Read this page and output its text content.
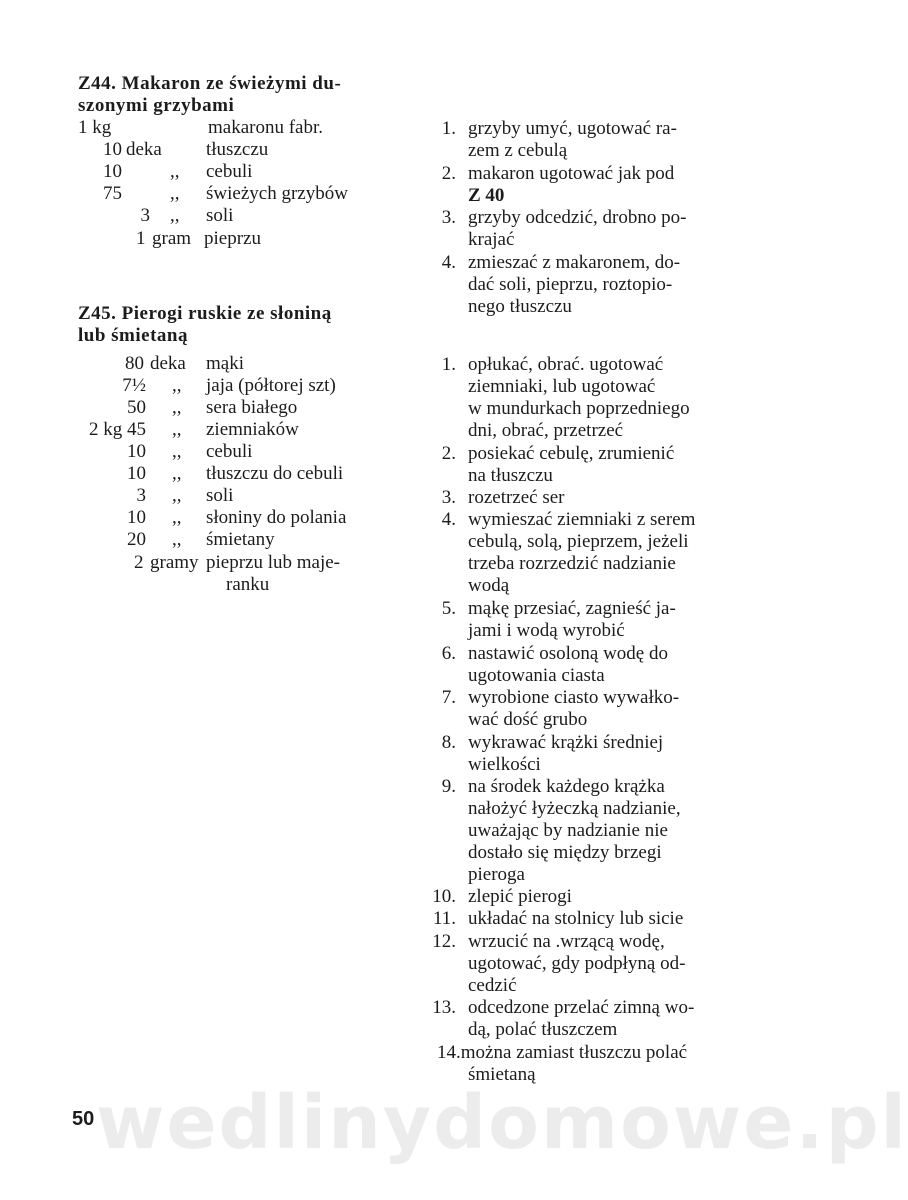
Z44. Makaron ze świeżymi du-
szonymi grzybami
1 kg	makaronu fabr.
10 deka tłuszczu
10	,, cebuli
75	,, świeżych grzybów
3 ,, soli
1 gram pieprzu
1. grzyby umyć, ugotować ra-
zem z cebulą
2. makaron ugotować jak pod
Z 40
3. grzyby odcedzić, drobno po-
krajać
4. zmieszać z makaronem, do-
dać soli, pieprzu, roztopio-
nego tłuszczu
Z45. Pierogi ruskie ze słoniną
lub śmietaną
80 deka mąki
7½ ,, jaja (półtorej szt)
50 ,, sera białego
2 kg 45 ,, ziemniaków
10 ,, cebuli
10 ,, tłuszczu do cebuli
3 ,, soli
10 ,, słoniny do polania
20 ,, śmietany
2 gramy pieprzu lub maje-
ranku
1. opłukać, obrać. ugotować
ziemniaki, lub ugotować
w mundurkach poprzedniego
dni, obrać, przetrzeć
2. posiekać cebulę, zrumienić
na tłuszczu
3. rozetrzeć ser
4. wymieszać ziemniaki z serem
cebulą, solą, pieprzem, jeżeli
trzeba rozrzedzić nadzianie
wodą
5. mąkę przesiać, zagnieść ja-
jami i wodą wyrobić
6. nastawić osoloną wodę do
ugotowania ciasta
7. wyrobione ciasto wywałko-
wać dość grubo
8. wykrawać krążki średniej
wielkości
9. na środek każdego krążka
nałożyć łyżeczką nadzianie,
uważając by nadzianie nie
dostało się między brzegi
pieroga
10. zlepić pierogi
11. układać na stolnicy lub sicie
12. wrzucić na .wrzącą wodę,
ugotować, gdy podpłyną od-
cedzić
13. odcedzone przelać zimną wo-
dą, polać tłuszczem
14 .można zamiast tłuszczu polać
śmietaną
wedlinydomowe.pl
50
